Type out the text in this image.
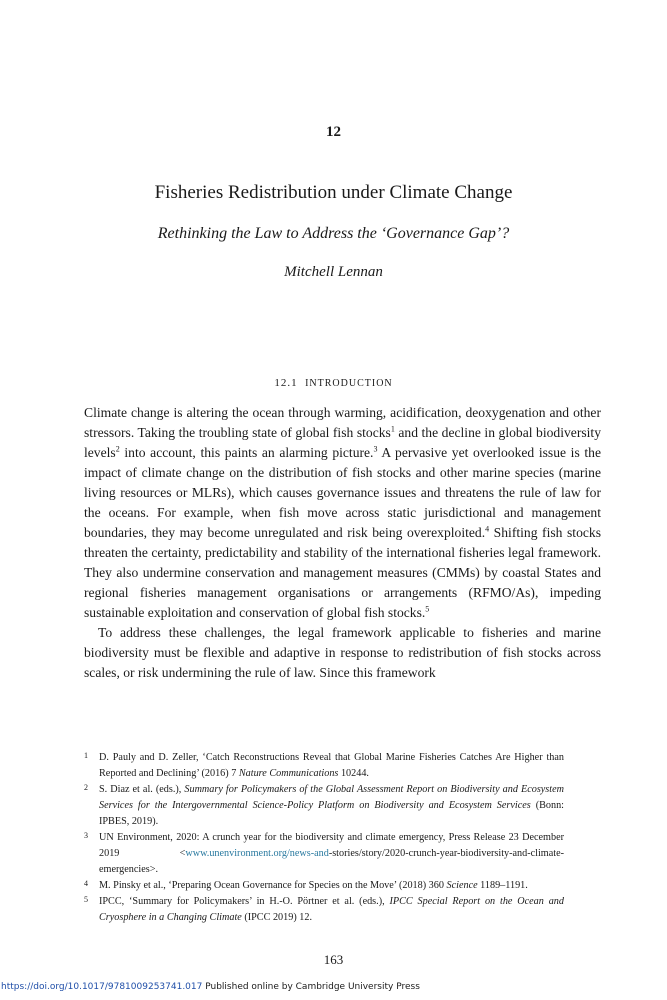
12
Fisheries Redistribution under Climate Change
Rethinking the Law to Address the ‘Governance Gap’?
Mitchell Lennan
12.1 INTRODUCTION

Climate change is altering the ocean through warming, acidification, deoxygenation and other stressors. Taking the troubling state of global fish stocks$^1$ and the decline in global biodiversity levels$^2$ into account, this paints an alarming picture.$^3$ A pervasive yet overlooked issue is the impact of climate change on the distribution of fish stocks and other marine species (marine living resources or MLRs), which causes governance issues and threatens the rule of law for the oceans. For example, when fish move across static jurisdictional and management boundaries, they may become unregulated and risk being overexploited.$^4$ Shifting fish stocks threaten the certainty, predictability and stability of the international fisheries legal framework. They also undermine conservation and management measures (CMMs) by coastal States and regional fisheries management organisations or arrangements (RFMO/As), impeding sustainable exploitation and conservation of global fish stocks.$^5$

To address these challenges, the legal framework applicable to fisheries and marine biodiversity must be flexible and adaptive in response to redistribution of fish stocks across scales, or risk undermining the rule of law. Since this framework

1	D. Pauly and D. Zeller, ‘Catch Reconstructions Reveal that Global Marine Fisheries Catches Are Higher than Reported and Declining’ (2016) 7 Nature Communications 10244.
2	S. Diaz et al. (eds.), Summary for Policymakers of the Global Assessment Report on Biodiversity and Ecosystem Services for the Intergovernmental Science-Policy Platform on Biodiversity and Ecosystem Services (Bonn: IPBES, 2019).
3	UN Environment, 2020: A crunch year for the biodiversity and climate emergency, Press Release 23 December 2019 <www.unenvironment.org/news-and-stories/story/2020-crunch-year-biodiversity-and-climate-emergencies>.
4	M. Pinsky et al., ‘Preparing Ocean Governance for Species on the Move’ (2018) 360 Science 1189–1191.
5	IPCC, ‘Summary for Policymakers’ in H.-O. Pörtner et al. (eds.), IPCC Special Report on the Ocean and Cryosphere in a Changing Climate (IPCC 2019) 12.
163
https://doi.org/10.1017/9781009253741.017 Published online by Cambridge University Press
